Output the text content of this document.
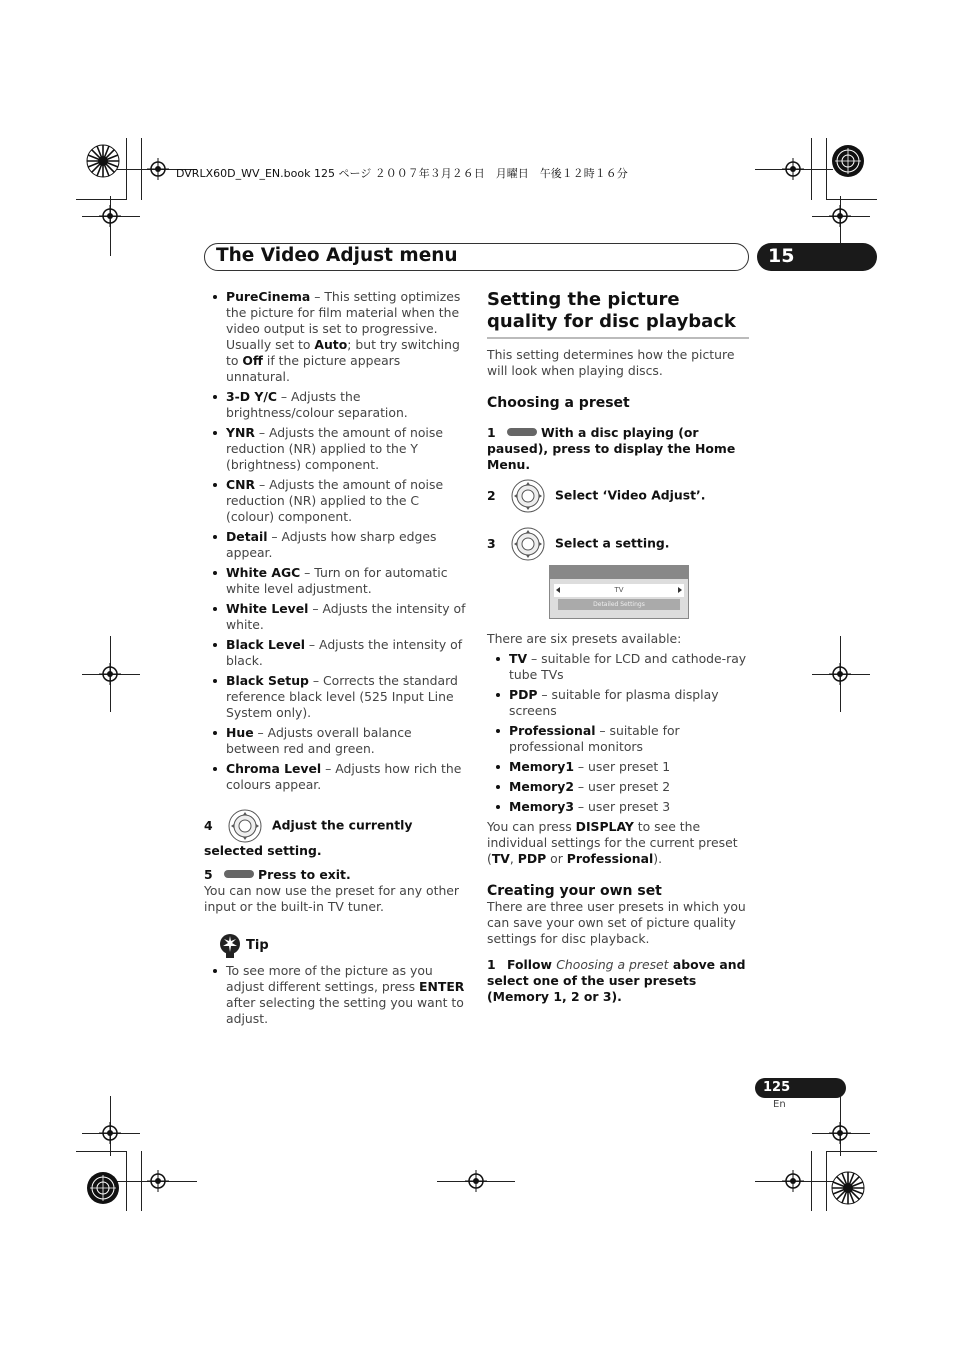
DVRLX60D_WV_EN.book 125 ページ ２００７年３月２６日　月曜日　午後１２時１６分
The Video Adjust menu	15
PureCinema – This setting optimizes the picture for film material when the video output is set to progressive. Usually set to Auto; but try switching to Off if the picture appears unnatural.
3-D Y/C – Adjusts the brightness/colour separation.
YNR – Adjusts the amount of noise reduction (NR) applied to the Y (brightness) component.
CNR – Adjusts the amount of noise reduction (NR) applied to the C (colour) component.
Detail – Adjusts how sharp edges appear.
White AGC – Turn on for automatic white level adjustment.
White Level – Adjusts the intensity of white.
Black Level – Adjusts the intensity of black.
Black Setup – Corrects the standard reference black level (525 Input Line System only).
Hue – Adjusts overall balance between red and green.
Chroma Level – Adjusts how rich the colours appear.
4	Adjust the currently selected setting.
5	Press to exit.
You can now use the preset for any other input or the built-in TV tuner.
Tip
To see more of the picture as you adjust different settings, press ENTER after selecting the setting you want to adjust.
Setting the picture quality for disc playback
This setting determines how the picture will look when playing discs.
Choosing a preset
1	With a disc playing (or paused), press to display the Home Menu.
2	Select ‘Video Adjust’.
3	Select a setting.
TV
Detailed Settings
There are six presets available:
TV – suitable for LCD and cathode-ray tube TVs
PDP – suitable for plasma display screens
Professional – suitable for professional monitors
Memory1 – user preset 1
Memory2 – user preset 2
Memory3 – user preset 3
You can press DISPLAY to see the individual settings for the current preset (TV, PDP or Professional).
Creating your own set
There are three user presets in which you can save your own set of picture quality settings for disc playback.
1 Follow Choosing a preset above and select one of the user presets (Memory 1, 2 or 3).
125
En
